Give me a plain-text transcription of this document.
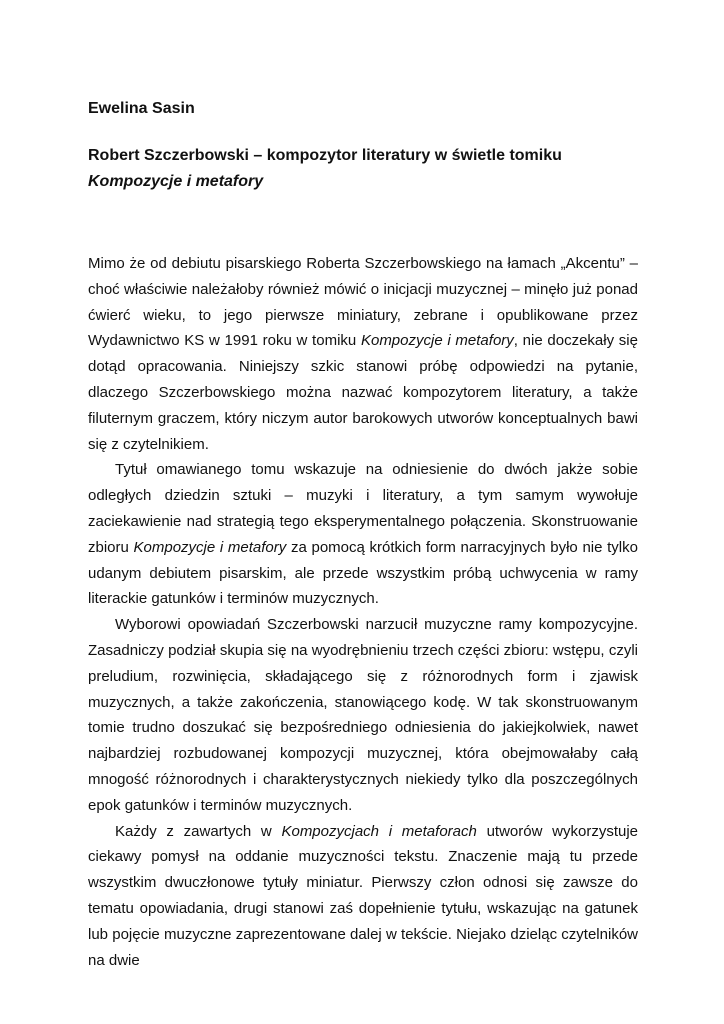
Ewelina Sasin
Robert Szczerbowski – kompozytor literatury w świetle tomiku
Kompozycje i metafory

Mimo że od debiutu pisarskiego Roberta Szczerbowskiego na łamach „Akcentu” – choć właściwie należałoby również mówić o inicjacji muzycznej – minęło już ponad ćwierć wieku, to jego pierwsze miniatury, zebrane i opublikowane przez Wydawnictwo KS w 1991 roku w tomiku Kompozycje i metafory, nie doczekały się dotąd opracowania. Niniejszy szkic stanowi próbę odpowiedzi na pytanie, dlaczego Szczerbowskiego można nazwać kompozytorem literatury, a także filuternym graczem, który niczym autor barokowych utworów konceptualnych bawi się z czytelnikiem.

Tytuł omawianego tomu wskazuje na odniesienie do dwóch jakże sobie odległych dziedzin sztuki – muzyki i literatury, a tym samym wywołuje zaciekawienie nad strategią tego eksperymentalnego połączenia. Skonstruowanie zbioru Kompozycje i metafory za pomocą krótkich form narracyjnych było nie tylko udanym debiutem pisarskim, ale przede wszystkim próbą uchwycenia w ramy literackie gatunków i terminów muzycznych.

Wyborowi opowiadań Szczerbowski narzucił muzyczne ramy kompozycyjne. Zasadniczy podział skupia się na wyodrębnieniu trzech części zbioru: wstępu, czyli preludium, rozwinięcia, składającego się z różnorodnych form i zjawisk muzycznych, a także zakończenia, stanowiącego kodę. W tak skonstruowanym tomie trudno doszukać się bezpośredniego odniesienia do jakiejkolwiek, nawet najbardziej rozbudowanej kompozycji muzycznej, która obejmowałaby całą mnogość różnorodnych i charakterystycznych niekiedy tylko dla poszczególnych epok gatunków i terminów muzycznych.

Każdy z zawartych w Kompozycjach i metaforach utworów wykorzystuje ciekawy pomysł na oddanie muzyczności tekstu. Znaczenie mają tu przede wszystkim dwuczłonowe tytuły miniatur. Pierwszy człon odnosi się zawsze do tematu opowiadania, drugi stanowi zaś dopełnienie tytułu, wskazując na gatunek lub pojęcie muzyczne zaprezentowane dalej w tekście. Niejako dzieląc czytelników na dwie
